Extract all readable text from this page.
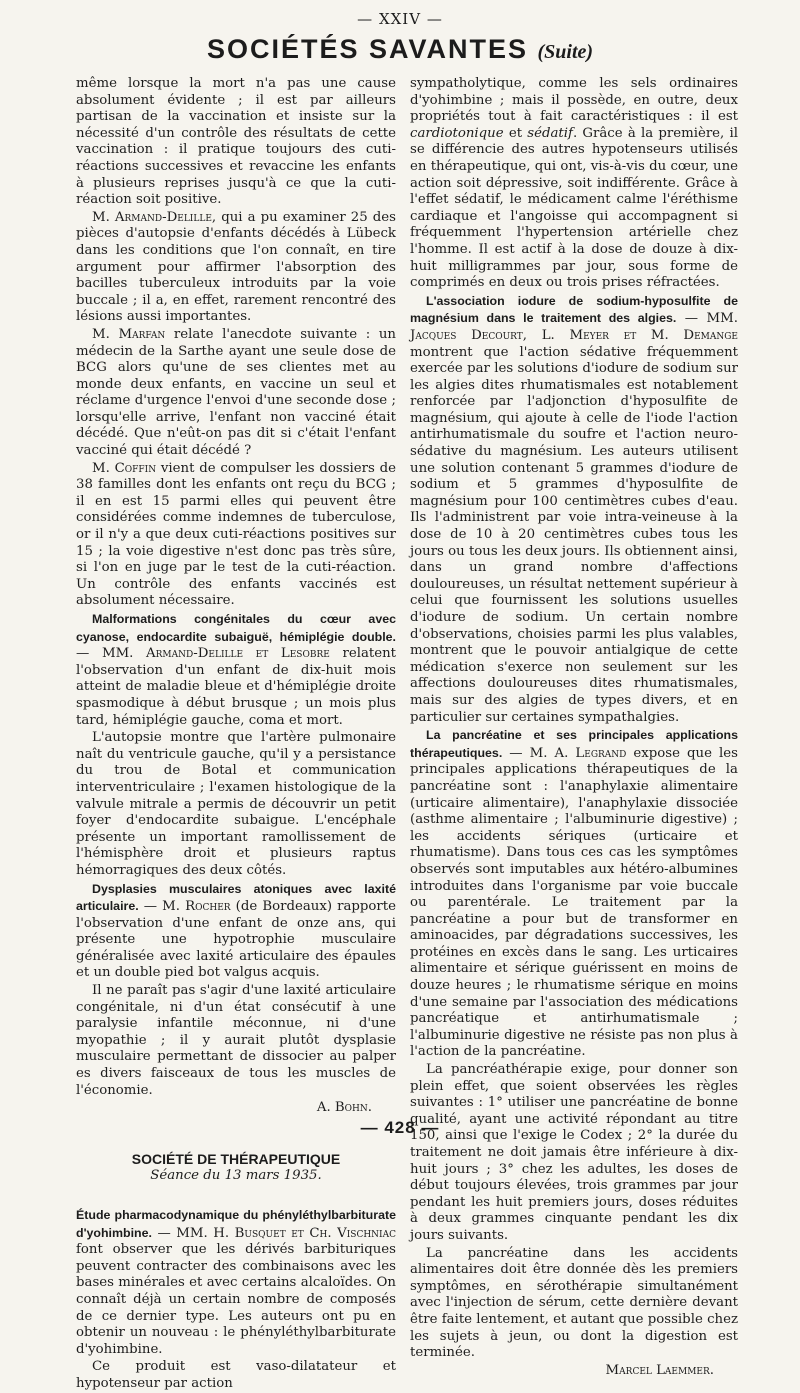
— XXIV —
SOCIÉTÉS SAVANTES (Suite)

même lorsque la mort n'a pas une cause absolument évidente ; il est par ailleurs partisan de la vaccination et insiste sur la nécessité d'un contrôle des résultats de cette vaccination : il pratique toujours des cuti-réactions successives et revaccine les enfants à plusieurs reprises jusqu'à ce que la cuti-réaction soit positive.

M. Armand-Delille, qui a pu examiner 25 des pièces d'autopsie d'enfants décédés à Lübeck dans les conditions que l'on connaît, en tire argument pour affirmer l'absorption des bacilles tuberculeux introduits par la voie buccale ; il a, en effet, rarement rencontré des lésions aussi importantes.

M. Marfan relate l'anecdote suivante : un médecin de la Sarthe ayant une seule dose de BCG alors qu'une de ses clientes met au monde deux enfants, en vaccine un seul et réclame d'urgence l'envoi d'une seconde dose ; lorsqu'elle arrive, l'enfant non vacciné était décédé. Que n'eût-on pas dit si c'était l'enfant vacciné qui était décédé ?

M. Coffin vient de compulser les dossiers de 38 familles dont les enfants ont reçu du BCG ; il en est 15 parmi elles qui peuvent être considérées comme indemnes de tuberculose, or il n'y a que deux cuti-réactions positives sur 15 ; la voie digestive n'est donc pas très sûre, si l'on en juge par le test de la cuti-réaction. Un contrôle des enfants vaccinés est absolument nécessaire.

Malformations congénitales du cœur avec cyanose, endocardite subaiguë, hémiplégie double. — MM. Armand-Delille et Lesobre relatent l'observation d'un enfant de dix-huit mois atteint de maladie bleue et d'hémiplégie droite spasmodique à début brusque ; un mois plus tard, hémiplégie gauche, coma et mort.

L'autopsie montre que l'artère pulmonaire naît du ventricule gauche, qu'il y a persistance du trou de Botal et communication interventriculaire ; l'examen histologique de la valvule mitrale a permis de découvrir un petit foyer d'endocardite subaigue. L'encéphale présente un important ramollissement de l'hémisphère droit et plusieurs raptus hémorragiques des deux côtés.

Dysplasies musculaires atoniques avec laxité articulaire. — M. Rocher (de Bordeaux) rapporte l'observation d'une enfant de onze ans, qui présente une hypotrophie musculaire généralisée avec laxité articulaire des épaules et un double pied bot valgus acquis.

Il ne paraît pas s'agir d'une laxité articulaire congénitale, ni d'un état consécutif à une paralysie infantile méconnue, ni d'une myopathie ; il y aurait plutôt dysplasie musculaire permettant de dissocier au palper es divers faisceaux de tous les muscles de l'économie.

A. Bohn.

SOCIÉTÉ DE THÉRAPEUTIQUE

Séance du 13 mars 1935.

Étude pharmacodynamique du phényléthylbarbiturate d'yohimbine. — MM. H. Busquet et Ch. Vischniac font observer que les dérivés barbituriques peuvent contracter des combinaisons avec les bases minérales et avec certains alcaloïdes. On connaît déjà un certain nombre de composés de ce dernier type. Les auteurs ont pu en obtenir un nouveau : le phényléthylbarbiturate d'yohimbine.

Ce produit est vaso-dilatateur et hypotenseur par action

sympatholytique, comme les sels ordinaires d'yohimbine ; mais il possède, en outre, deux propriétés tout à fait caractéristiques : il est cardiotonique et sédatif. Grâce à la première, il se différencie des autres hypotenseurs utilisés en thérapeutique, qui ont, vis-à-vis du cœur, une action soit dépressive, soit indifférente. Grâce à l'effet sédatif, le médicament calme l'éréthisme cardiaque et l'angoisse qui accompagnent si fréquemment l'hypertension artérielle chez l'homme. Il est actif à la dose de douze à dix-huit milligrammes par jour, sous forme de comprimés en deux ou trois prises réfractées.

L'association iodure de sodium-hyposulfite de magnésium dans le traitement des algies. — MM. Jacques Decourt, L. Meyer et M. Demange montrent que l'action sédative fréquemment exercée par les solutions d'iodure de sodium sur les algies dites rhumatismales est notablement renforcée par l'adjonction d'hyposulfite de magnésium, qui ajoute à celle de l'iode l'action antirhumatismale du soufre et l'action neuro-sédative du magnésium. Les auteurs utilisent une solution contenant 5 grammes d'iodure de sodium et 5 grammes d'hyposulfite de magnésium pour 100 centimètres cubes d'eau. Ils l'administrent par voie intra-veineuse à la dose de 10 à 20 centimètres cubes tous les jours ou tous les deux jours. Ils obtiennent ainsi, dans un grand nombre d'affections douloureuses, un résultat nettement supérieur à celui que fournissent les solutions usuelles d'iodure de sodium. Un certain nombre d'observations, choisies parmi les plus valables, montrent que le pouvoir antialgique de cette médication s'exerce non seulement sur les affections douloureuses dites rhumatismales, mais sur des algies de types divers, et en particulier sur certaines sympathalgies.

La pancréatine et ses principales applications thérapeutiques. — M. A. Legrand expose que les principales applications thérapeutiques de la pancréatine sont : l'anaphylaxie alimentaire (urticaire alimentaire), l'anaphylaxie dissociée (asthme alimentaire ; l'albuminurie digestive) ; les accidents sériques (urticaire et rhumatisme). Dans tous ces cas les symptômes observés sont imputables aux hétéro-albumines introduites dans l'organisme par voie buccale ou parentérale. Le traitement par la pancréatine a pour but de transformer en aminoacides, par dégradations successives, les protéines en excès dans le sang. Les urticaires alimentaire et sérique guérissent en moins de douze heures ; le rhumatisme sérique en moins d'une semaine par l'association des médications pancréatique et antirhumatismale ; l'albuminurie digestive ne résiste pas non plus à l'action de la pancréatine.

La pancréathérapie exige, pour donner son plein effet, que soient observées les règles suivantes : 1° utiliser une pancréatine de bonne qualité, ayant une activité répondant au titre 150, ainsi que l'exige le Codex ; 2° la durée du traitement ne doit jamais être inférieure à dix-huit jours ; 3° chez les adultes, les doses de début toujours élevées, trois grammes par jour pendant les huit premiers jours, doses réduites à deux grammes cinquante pendant les dix jours suivants.

La pancréatine dans les accidents alimentaires doit être donnée dès les premiers symptômes, en sérothérapie simultanément avec l'injection de sérum, cette dernière devant être faite lentement, et autant que possible chez les sujets à jeun, ou dont la digestion est terminée.

Marcel Laemmer.

— 428 —
